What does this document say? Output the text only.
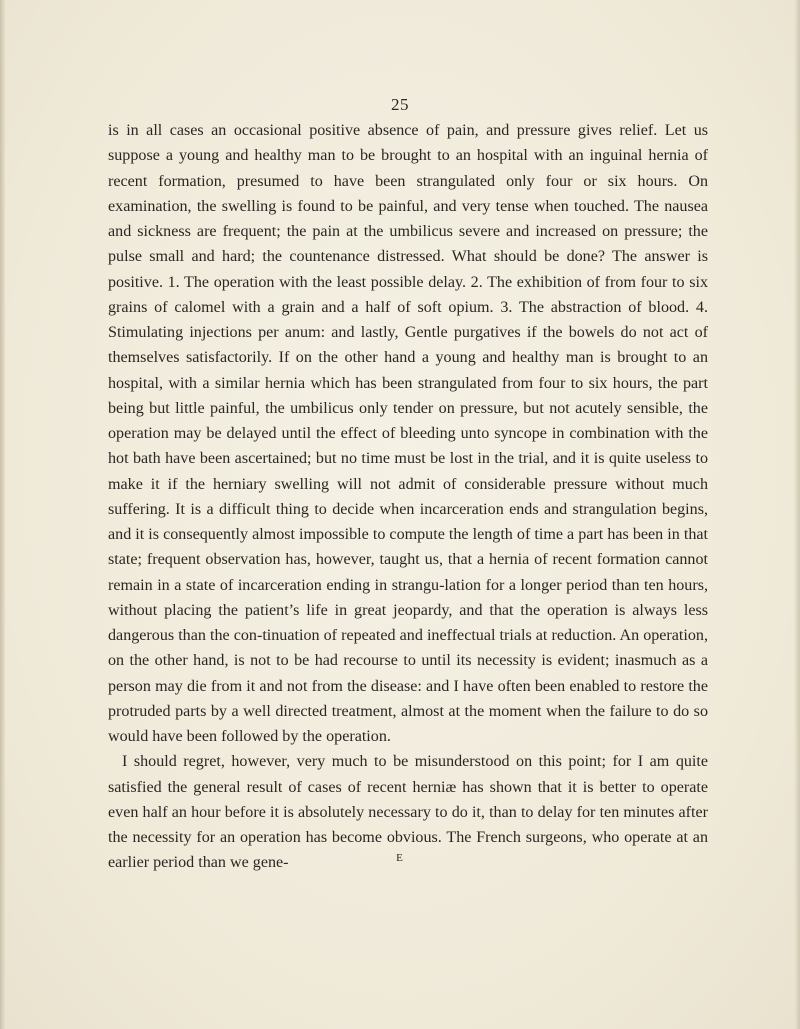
25

is in all cases an occasional positive absence of pain, and pressure gives relief. Let us suppose a young and healthy man to be brought to an hospital with an inguinal hernia of recent formation, presumed to have been strangulated only four or six hours. On examination, the swelling is found to be painful, and very tense when touched. The nausea and sickness are frequent; the pain at the umbilicus severe and increased on pressure; the pulse small and hard; the countenance distressed. What should be done? The answer is positive. 1. The operation with the least possible delay. 2. The exhibition of from four to six grains of calomel with a grain and a half of soft opium. 3. The abstraction of blood. 4. Stimulating injections per anum: and lastly, Gentle purgatives if the bowels do not act of themselves satisfactorily. If on the other hand a young and healthy man is brought to an hospital, with a similar hernia which has been strangulated from four to six hours, the part being but little painful, the umbilicus only tender on pressure, but not acutely sensible, the operation may be delayed until the effect of bleeding unto syncope in combination with the hot bath have been ascertained; but no time must be lost in the trial, and it is quite useless to make it if the herniary swelling will not admit of considerable pressure without much suffering. It is a difficult thing to decide when incarceration ends and strangulation begins, and it is consequently almost impossible to compute the length of time a part has been in that state; frequent observation has, however, taught us, that a hernia of recent formation cannot remain in a state of incarceration ending in strangu-lation for a longer period than ten hours, without placing the patient’s life in great jeopardy, and that the operation is always less dangerous than the con-tinuation of repeated and ineffectual trials at reduction. An operation, on the other hand, is not to be had recourse to until its necessity is evident; inasmuch as a person may die from it and not from the disease: and I have often been enabled to restore the protruded parts by a well directed treatment, almost at the moment when the failure to do so would have been followed by the operation.

I should regret, however, very much to be misunderstood on this point; for I am quite satisfied the general result of cases of recent herniæ has shown that it is better to operate even half an hour before it is absolutely necessary to do it, than to delay for ten minutes after the necessity for an operation has become obvious. The French surgeons, who operate at an earlier period than we gene-	E
